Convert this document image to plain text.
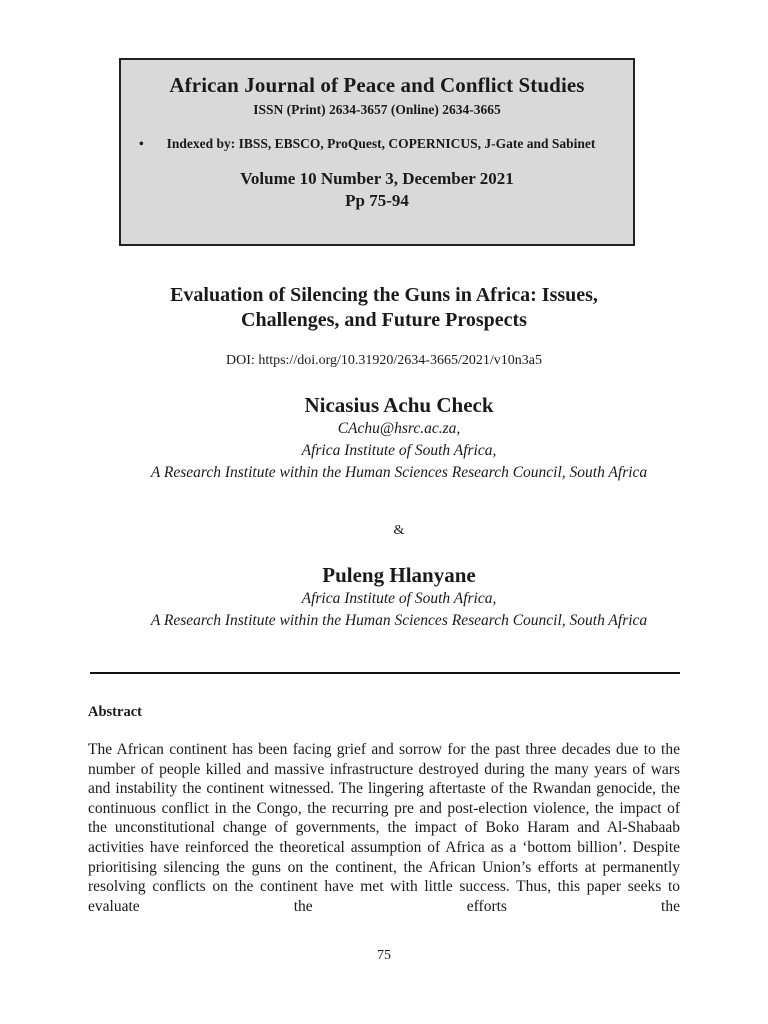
African Journal of Peace and Conflict Studies
ISSN (Print) 2634-3657 (Online) 2634-3665
•	Indexed by: IBSS, EBSCO, ProQuest, COPERNICUS, J-Gate and Sabinet
Volume 10 Number 3, December 2021
Pp 75-94
Evaluation of Silencing the Guns in Africa: Issues,
Challenges, and Future Prospects
DOI: https://doi.org/10.31920/2634-3665/2021/v10n3a5
Nicasius Achu Check
CAchu@hsrc.ac.za,
Africa Institute of South Africa,
A Research Institute within the Human Sciences Research Council, South Africa
&
Puleng Hlanyane
Africa Institute of South Africa,
A Research Institute within the Human Sciences Research Council, South Africa
Abstract
The African continent has been facing grief and sorrow for the past three decades due to the number of people killed and massive infrastructure destroyed during the many years of wars and instability the continent witnessed. The lingering aftertaste of the Rwandan genocide, the continuous conflict in the Congo, the recurring pre and post-election violence, the impact of the unconstitutional change of governments, the impact of Boko Haram and Al-Shabaab activities have reinforced the theoretical assumption of Africa as a ‘bottom billion’. Despite prioritising silencing the guns on the continent, the African Union’s efforts at permanently resolving conflicts on the continent have met with little success. Thus, this paper seeks to evaluate the efforts the
75
